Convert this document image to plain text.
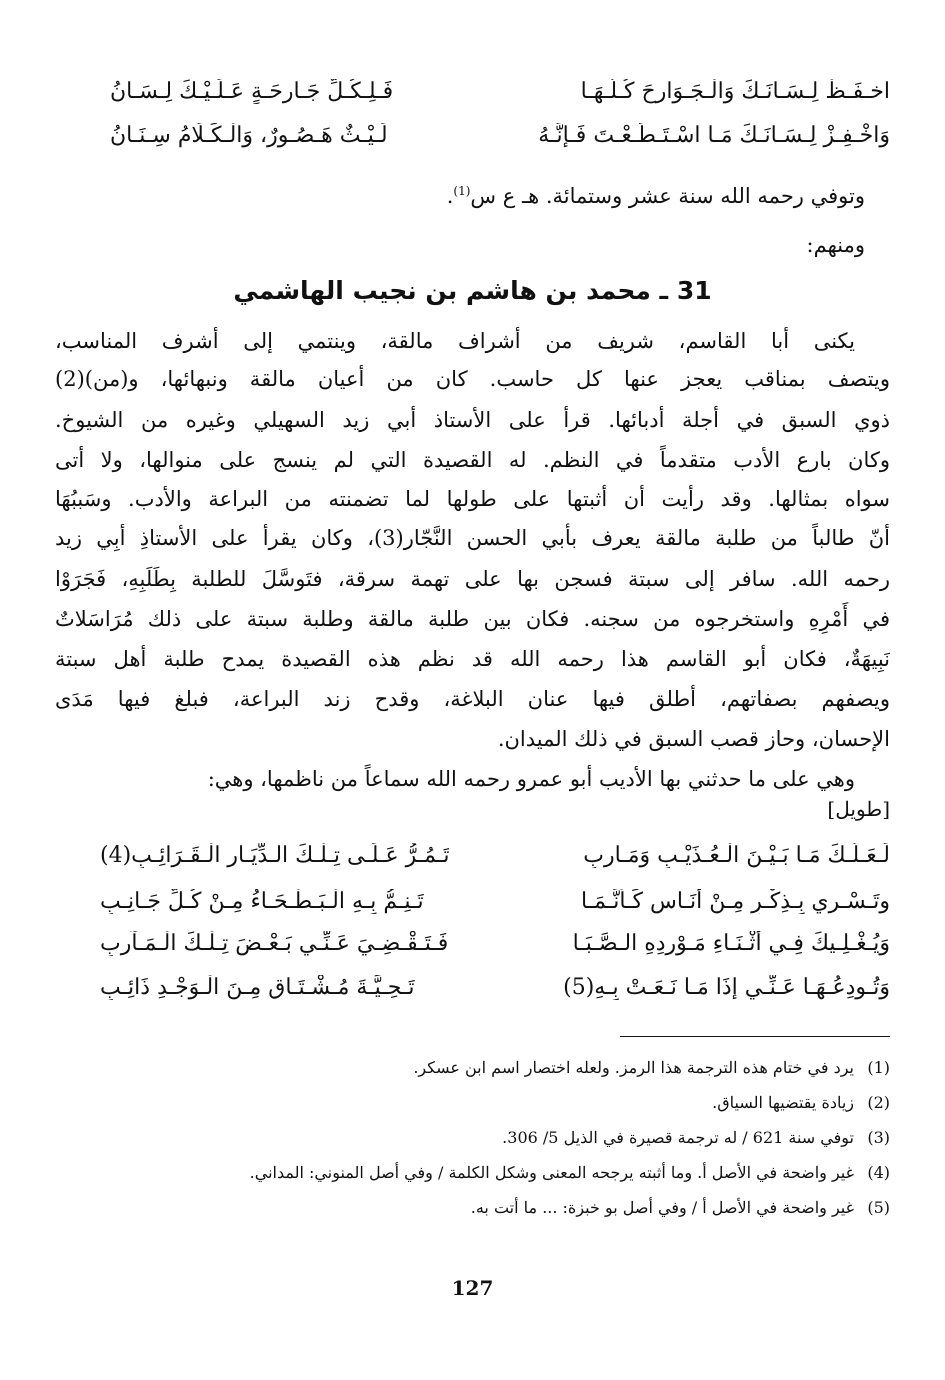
اخـفَـظْ لِـسَـانَـكَ وَالْـجَـوَارِحَ كُـلَّـهَـا
فَـلِـكُـلِّ جَـارِحَـةٍ عَـلَـيْـكَ لِـسَـانُ
وَاخْـفِـزْ لِـسَـانَـكَ مَـا اسْـتَـطَـعْـتَ فَـإِنَّـهُ
لَـيْـثٌ هَـصُـورٌ، وَالْـكَـلَامُ سِـنَـانُ
وتوفي رحمه الله سنة عشر وستمائة. هـ ع س$^{(1)}$.
ومنهم:
31 ـ محمد بن هاشم بن نجيب الهاشمي
يكنى أبا القاسم، شريف من أشراف مالقة، وينتمي إلى أشرف المناسب،
ويتصف بمناقب يعجز عنها كل حاسب. كان من أعيان مالقة ونبهائها، و(من)(2)
ذوي السبق في أجلة أدبائها. قرأ على الأستاذ أبي زيد السهيلي وغيره من الشيوخ.
وكان بارع الأدب متقدماً في النظم. له القصيدة التي لم ينسج على منوالها، ولا أتى
سواه بمثالها. وقد رأيت أن أثبتها على طولها لما تضمنته من البراعة والأدب. وسَببُهَا
أنّ طالباً من طلبة مالقة يعرف بأبي الحسن النَّجّار(3)، وكان يقرأ على الأستاذِ أبِي زيد
رحمه الله. سافر إلى سبتة فسجن بها على تهمة سرقة، فتَوسَّلَ للطلبة بِطَلَبِهِ، فَجَرَوْا
في أَمْرِهِ واستخرجوه من سجنه. فكان بين طلبة مالقة وطلبة سبتة على ذلك مُرَاسَلاتٌ
نَبِيهَةٌ، فكان أبو القاسم هذا رحمه الله قد نظم هذه القصيدة يمدح طلبة أهل سبتة
ويصفهم بصفاتهم، أطلق فيها عنان البلاغة، وقدح زند البراعة، فبلغ فيها مَدَى
الإحسان، وحاز قصب السبق في ذلك الميدان.
وهي على ما حدثني بها الأديب أبو عمرو رحمه الله سماعاً من ناظمها، وهي:
[طويل]
لَـعَـلَّـكَ مَـا بَـيْـنَ الْـعُـذَيْـبِ وَمَـارِبِ
تَـمُـرُّ عَـلَـى تِـلْـكَ الـدِّيَـارِ الْـقَـرَائِـبِ(4)
وتَـسْـرِي بِـذِكْـرٍ مِـنْ أُنَـاسٍ كَـأَنَّـمَـا
تَـنِـمُّ بِـهِ الْـبَـطْـحَـاءُ مِـنْ كُـلِّ جَـانِـبِ
وَيُـغْـلِـيكَ فِـي أَثْـنَـاءِ مَـوْرِدِهِ الـصَّـبَـا
فَـتَـقْـضِـيَ عَـنِّـي بَـعْـضَ تِـلْـكَ الْـمَـآرِبِ
وَتُـودِعُـهَـا عَـنِّـي إِذَا مَـا نَـعَـتْ بِـهِ(5)
تَـحِـيَّـةَ مُـشْـتَـاقٍ مِـنَ الْـوَجْـدِ ذَائِـبِ
(1)يرد في ختام هذه الترجمة هذا الرمز. ولعله اختصار اسم ابن عسكر.
(2)زيادة يقتضيها السياق.
(3)توفي سنة 621 / له ترجمة قصيرة في الذيل 5/ 306.
(4)غير واضحة في الأصل أ. وما أثبته يرجحه المعنى وشكل الكلمة / وفي أصل المنوني: المداني.
(5)غير واضحة في الأصل أ / وفي أصل بو خبزة: ... ما أتت به.
127
